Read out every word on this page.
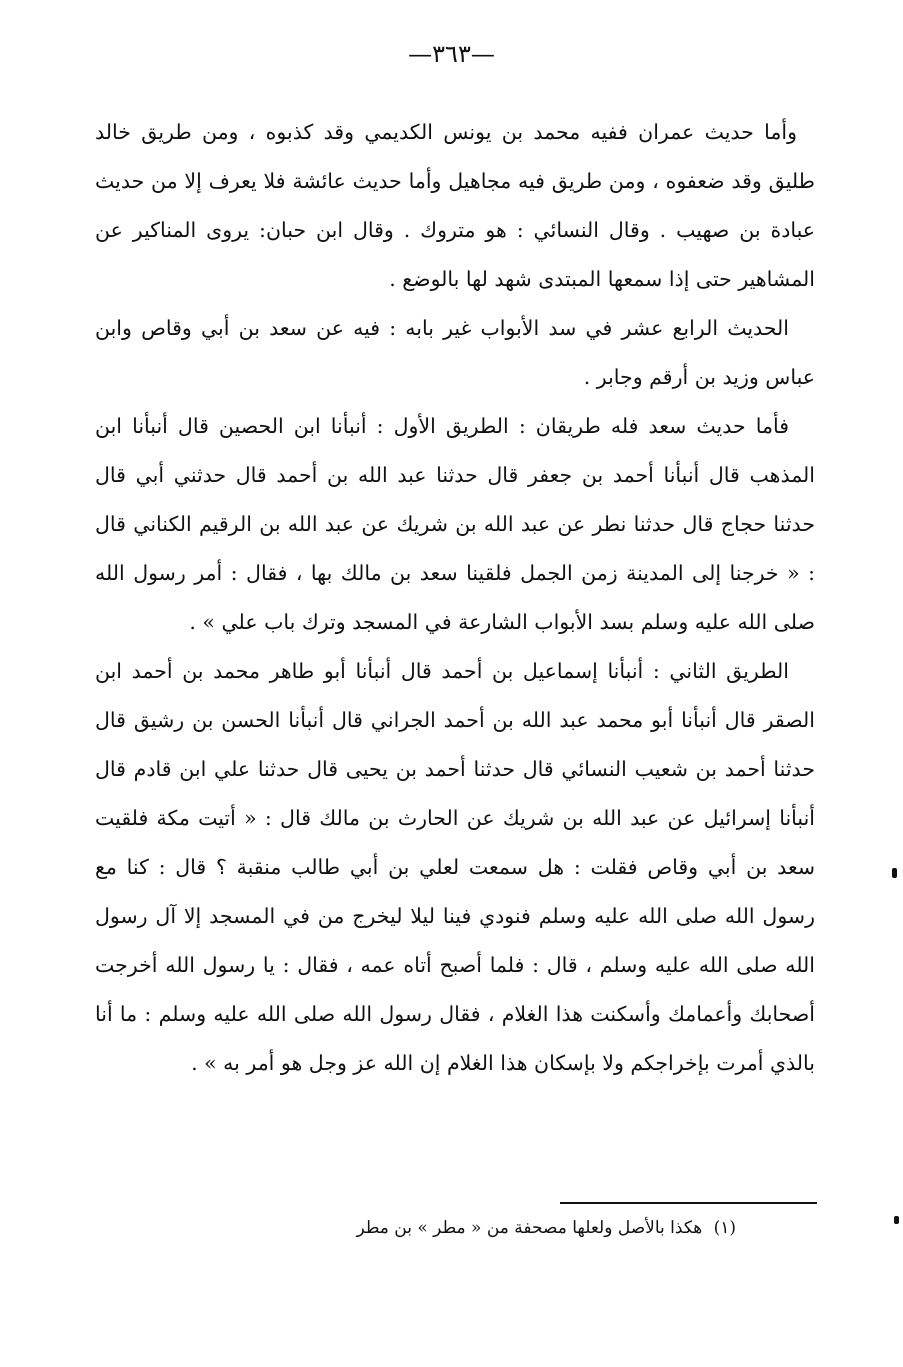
—٣٦٣—

وأما حديث عمران ففيه محمد بن يونس الكديمي وقد كذبوه ، ومن طريق خالد طليق وقد ضعفوه ، ومن طريق فيه مجاهيل وأما حديث عائشة فلا يعرف إلا من حديث عبادة بن صهيب . وقال النسائي : هو متروك . وقال ابن حبان: يروى المناكير عن المشاهير حتى إذا سمعها المبتدى شهد لها بالوضع .

الحديث الرابع عشر في سد الأبواب غير بابه : فيه عن سعد بن أبي وقاص وابن عباس وزيد بن أرقم وجابر .

فأما حديث سعد فله طريقان : الطريق الأول : أنبأنا ابن الحصين قال أنبأنا ابن المذهب قال أنبأنا أحمد بن جعفر قال حدثنا عبد الله بن أحمد قال حدثني أبي قال حدثنا حجاج قال حدثنا نطر عن عبد الله بن شريك عن عبد الله بن الرقيم الكناني قال : « خرجنا إلى المدينة زمن الجمل فلقينا سعد بن مالك بها ، فقال : أمر رسول الله صلى الله عليه وسلم بسد الأبواب الشارعة في المسجد وترك باب علي » .

الطريق الثاني : أنبأنا إسماعيل بن أحمد قال أنبأنا أبو طاهر محمد بن أحمد ابن الصقر قال أنبأنا أبو محمد عبد الله بن أحمد الجراني قال أنبأنا الحسن بن رشيق قال حدثنا أحمد بن شعيب النسائي قال حدثنا أحمد بن يحيى قال حدثنا علي ابن قادم قال أنبأنا إسرائيل عن عبد الله بن شريك عن الحارث بن مالك قال : « أتيت مكة فلقيت سعد بن أبي وقاص فقلت : هل سمعت لعلي بن أبي طالب منقبة ؟ قال : كنا مع رسول الله صلى الله عليه وسلم فنودي فينا ليلا ليخرج من في المسجد إلا آل رسول الله صلى الله عليه وسلم ، قال : فلما أصبح أتاه عمه ، فقال : يا رسول الله أخرجت أصحابك وأعمامك وأسكنت هذا الغلام ، فقال رسول الله صلى الله عليه وسلم : ما أنا بالذي أمرت بإخراجكم ولا بإسكان هذا الغلام إن الله عز وجل هو أمر به » .

(١) هكذا بالأصل ولعلها مصحفة من « مطر » بن مطر
